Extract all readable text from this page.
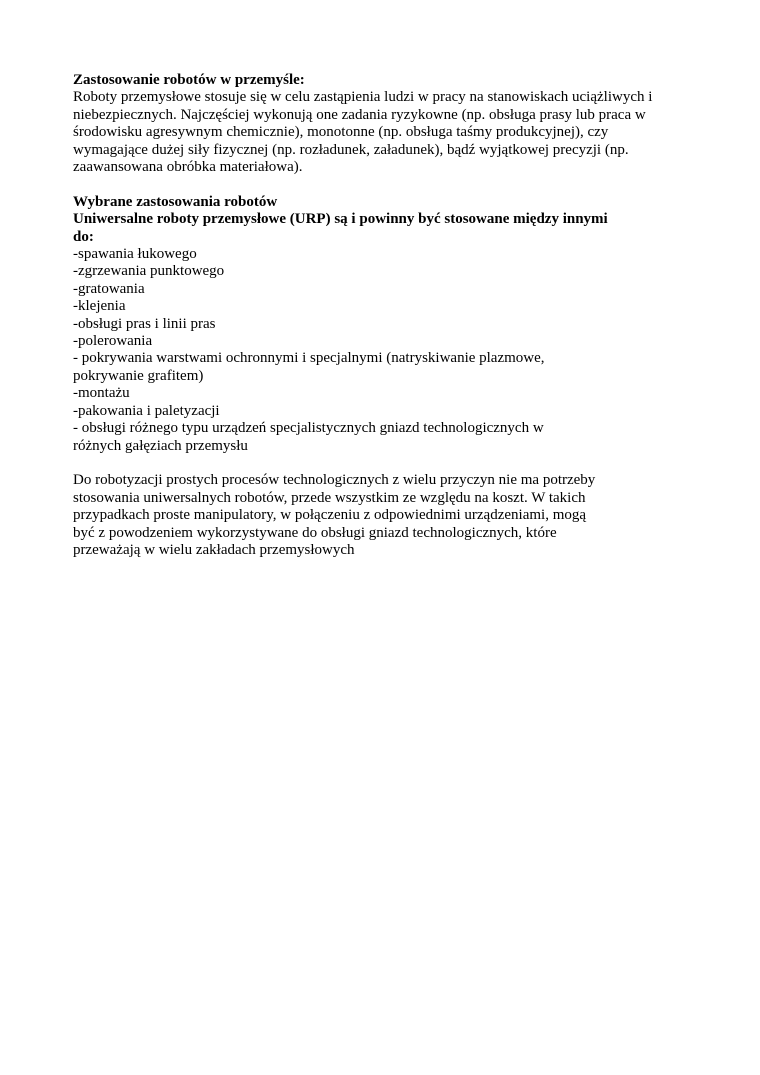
Zastosowanie robotów w przemyśle:
Roboty przemysłowe stosuje się w celu zastąpienia ludzi w pracy na stanowiskach uciążliwych i
niebezpiecznych. Najczęściej wykonują one zadania ryzykowne (np. obsługa prasy lub praca w
środowisku agresywnym chemicznie), monotonne (np. obsługa taśmy produkcyjnej), czy
wymagające dużej siły fizycznej (np. rozładunek, załadunek), bądź wyjątkowej precyzji (np.
zaawansowana obróbka materiałowa).
Wybrane zastosowania robotów
Uniwersalne roboty przemysłowe (URP) są i powinny być stosowane między innymi
do:
-spawania łukowego
-zgrzewania punktowego
-gratowania
-klejenia
-obsługi pras i linii pras
-polerowania
- pokrywania warstwami ochronnymi i specjalnymi (natryskiwanie plazmowe,
pokrywanie grafitem)
-montażu
-pakowania i paletyzacji
- obsługi różnego typu urządzeń specjalistycznych gniazd technologicznych w
różnych gałęziach przemysłu
Do robotyzacji prostych procesów technologicznych z wielu przyczyn nie ma potrzeby
stosowania uniwersalnych robotów, przede wszystkim ze względu na koszt. W takich
przypadkach proste manipulatory, w połączeniu z odpowiednimi urządzeniami, mogą
być z powodzeniem wykorzystywane do obsługi gniazd technologicznych, które
przeważają w wielu zakładach przemysłowych
